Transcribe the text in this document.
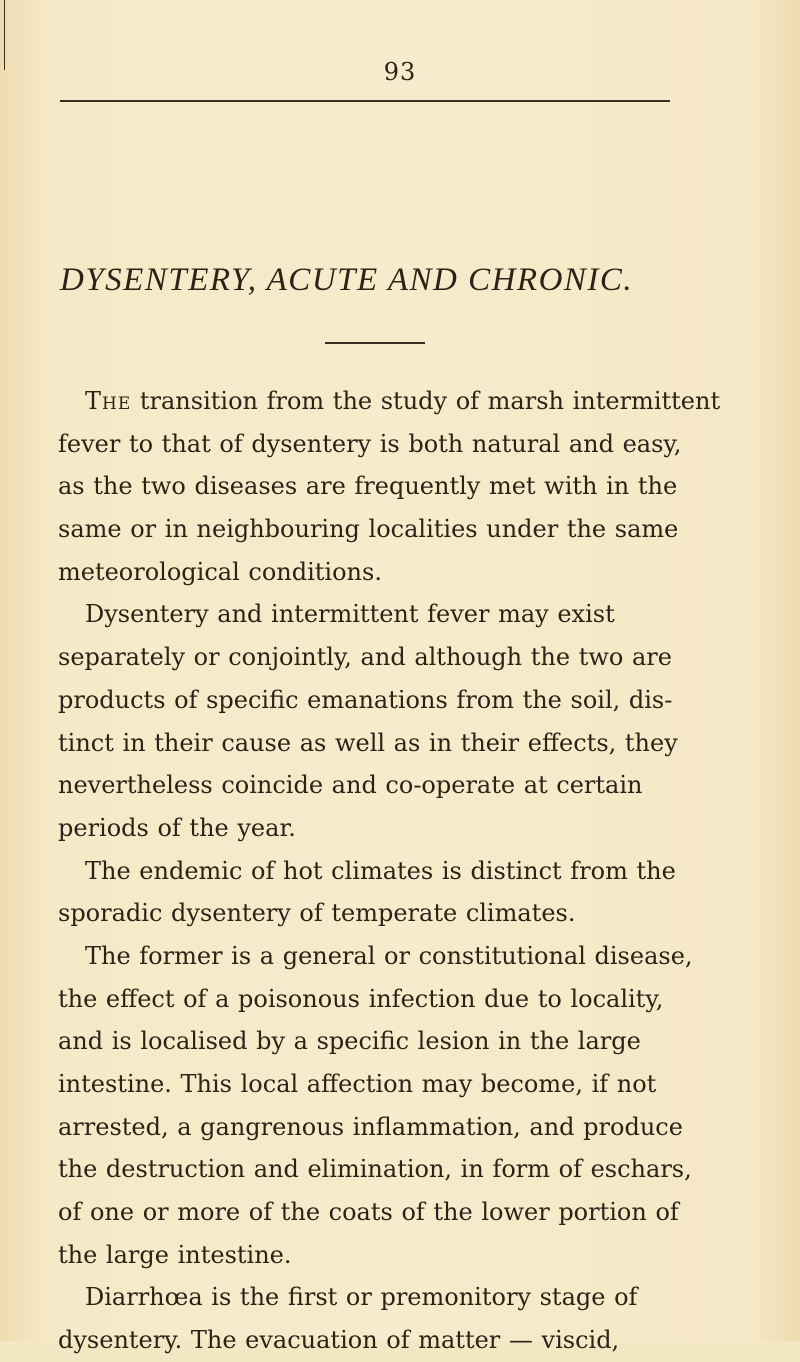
93
DYSENTERY, ACUTE AND CHRONIC.
The transition from the study of marsh intermittent
fever to that of dysentery is both natural and easy,
as the two diseases are frequently met with in the
same or in neighbouring localities under the same
meteorological conditions.
Dysentery and intermittent fever may exist
separately or conjointly, and although the two are
products of specific emanations from the soil, dis-
tinct in their cause as well as in their effects, they
nevertheless coincide and co-operate at certain
periods of the year.
The endemic of hot climates is distinct from the
sporadic dysentery of temperate climates.
The former is a general or constitutional disease,
the effect of a poisonous infection due to locality,
and is localised by a specific lesion in the large
intestine. This local affection may become, if not
arrested, a gangrenous inflammation, and produce
the destruction and elimination, in form of eschars,
of one or more of the coats of the lower portion of
the large intestine.
Diarrhœa is the first or premonitory stage of
dysentery. The evacuation of matter — viscid,
